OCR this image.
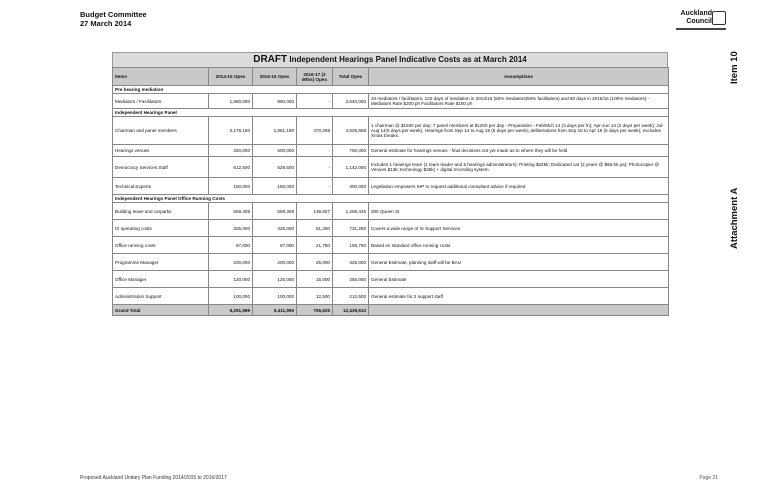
Budget Committee
27 March 2014
Auckland
Council
Item 10
Attachment A
DRAFT Independent Hearings Panel Indicative Costs as at March 2014
Items	2014-15 Opex	2015-16 Opex	2016-17 (3 Mths) Opex	Total Opex	Assumptions
Pre hearing mediation					
Mediators / Facilitators	1,680,000	960,000	-	2,640,000	10 mediators / facilitators, 120 days of mediation in 2014/15 (50% mediators/50% facilitators) and 60 days in 2015/16 (100% mediators) - Mediators Rate $200 ph Facilitators Rate $150 ph
Independent Hearings Panel					
Chairman and panel members	2,178,180	1,881,190	470,298	4,529,668	1 chairman @ $1500 per day; 7 panel members at $1200 per day - Preparation - Feb/Mch 14 (3 days per fn); Apr-Jun 14 (2 days per week); Jul-Aug 14(5 days per week); Hearings from Sep 14 to Aug 15 (5 days per week); deliberations from Sep 15 to Apr 16 (5 days per week); excludes Xmas breaks.
Hearings venues	250,000	500,000	-	750,000	General estimate for hearings venues - final decisions not yet made as to where they will be held
Democracy Services Staff	612,500	529,500	-	1,142,000	Includes 1 hearings team (1 team leader and 5 hearings administrators); Printing $225k; Dedicated car (2 years @ $65.5k pa); Photocopier @ Venues $13k; technology $35k) + digital recording system
Technical Experts	150,000	150,000	-	300,000	Legislation empowers IHP to request additional consultant advice if required
Independent Hearings Panel Office Running Costs					
Building lease and carparks	559,309	559,309	139,827	1,258,445	205 Queen St
IS operating costs	325,000	325,000	81,250	731,250	Covers a wide range of IS Support Services
Office running costs	87,000	87,000	21,750	195,750	Based on standard office running costs
Programme Manager	200,000	200,000	25,000	425,000	General Estimate, planning staff will be BAU
Office Manager	120,000	120,000	15,000	255,000	General Estimate
Administration Support	100,000	100,000	12,500	212,500	General estimate for 2 support staff
Grand Total	6,261,989	5,411,999	765,625	12,439,613	
Proposed Auckland Unitary Plan Funding 2014/2015 to 2016/2017	Page 21
